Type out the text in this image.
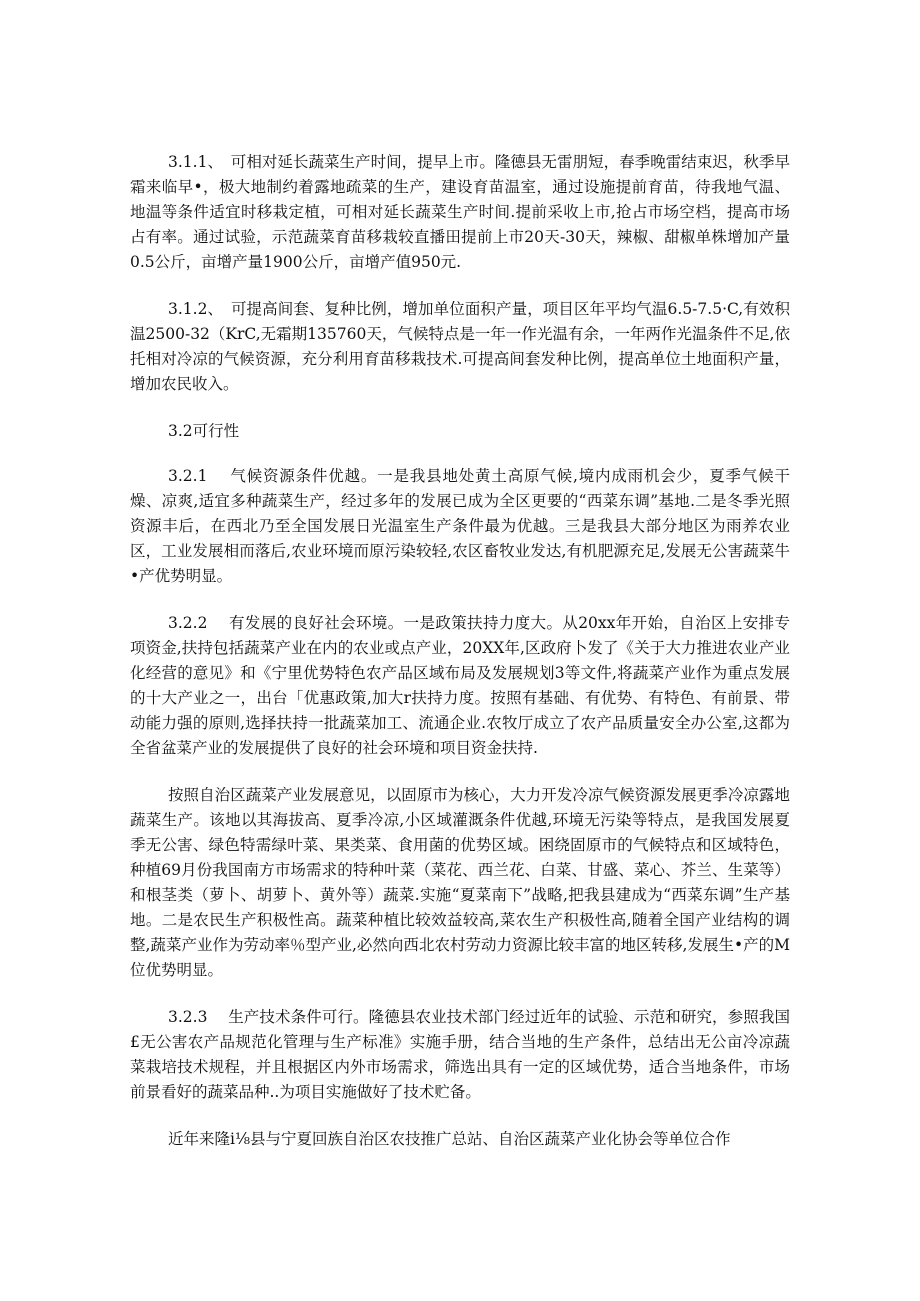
3.1.1、　可相对延长蔬菜生产时间，提早上市。隆德县无雷朋短，春季晚雷结束迟，秋季早霜来临早•，极大地制约着露地疏菜的生产，建设育苗温室，通过设施提前育苗，待我地气温、地温等条件适宜时移栽定植，可相对延长蔬菜生产时间.提前采收上市,抢占市场空档，提高市场占有率。通过试验，示范蔬菜育苗移栽较直播田提前上市20天-30天，辣椒、甜椒单株增加产量0.5公斤，亩增产量1900公斤，亩增产值950元.

3.1.2、　可提高间套、复种比例，增加单位面积产量，项目区年平均气温6.5-7.5·C,有效积温2500-32（KrC,无霜期135760天，气候特点是一年一作光温有余，一年两作光温条件不足,依托相对冷凉的气候资源，充分利用育苗移栽技术.可提高间套发种比例，提高单位土地面积产量，增加农民收入。

3.2可行性

3.2.1　 气候资源条件优越。一是我县地处黄土高原气候,境内成雨机会少，夏季气候干燥、凉爽,适宜多种蔬菜生产，经过多年的发展已成为全区更要的“西菜东调”基地.二是冬季光照资源丰后，在西北乃至全国发展日光温室生产条件最为优越。三是我县大部分地区为雨养农业区，工业发展相而落后,农业环境而原污染较轻,农区畜牧业发达,有机肥源充足,发展无公害蔬菜牛•产优势明显。

3.2.2　 有发展的良好社会环境。一是政策扶持力度大。从20xx年开始，自治区上安排专项资金,扶持包括蔬菜产业在内的农业或点产业，20XX年,区政府卜发了《关于大力推进农业产业化经营的意见》和《宁里优势特色农产品区域布局及发展规划3等文件,将蔬菜产业作为重点发展的十大产业之一，出台「优惠政策,加大r扶持力度。按照有基础、有优势、有特色、有前景、带动能力强的原则,选择扶持一批蔬菜加工、流通企业.农牧厅成立了农产品质量安全办公室,这都为全省盆菜产业的发展提供了良好的社会环境和项目资金扶持.

按照自治区蔬菜产业发展意见，以固原市为核心，大力开发冷凉气候资源发展更季冷凉露地蔬菜生产。该地以其海拔高、夏季冷凉,小区域灌溉条件优越,环境无污染等特点，是我国发展夏季无公害、绿色特需绿叶菜、果类菜、食用菌的优势区域。困绕固原市的气候特点和区域特色，种植69月份我国南方市场需求的特种叶菜（菜花、西兰花、白菜、甘盛、菜心、芥兰、生菜等）和根茎类（萝卜、胡萝卜、黄外等）蔬菜.实施“夏菜南下”战略,把我县建成为“西菜东调”生产基地。二是农民生产积极性高。蔬菜种植比较效益较高,菜农生产积极性高,随着全国产业结构的调整,蔬菜产业作为劳动率％型产业,必然向西北农村劳动力资源比较丰富的地区转移,发展生•产的M位优势明显。

3.2.3　 生产技术条件可行。隆德县农业技术部门经过近年的试验、示范和研究，参照我国£无公害农产品规范化管理与生产标准》实施手册，结合当地的生产条件，总结出无公亩冷凉蔬菜栽培技术规程，并且根据区内外市场需求，筛选出具有一定的区域优势，适合当地条件，市场前景看好的蔬菜品种..为项目实施做好了技术贮备。

近年来隆i⅛县与宁夏回族自治区农技推广总站、自治区蔬菜产业化协会等单位合作
